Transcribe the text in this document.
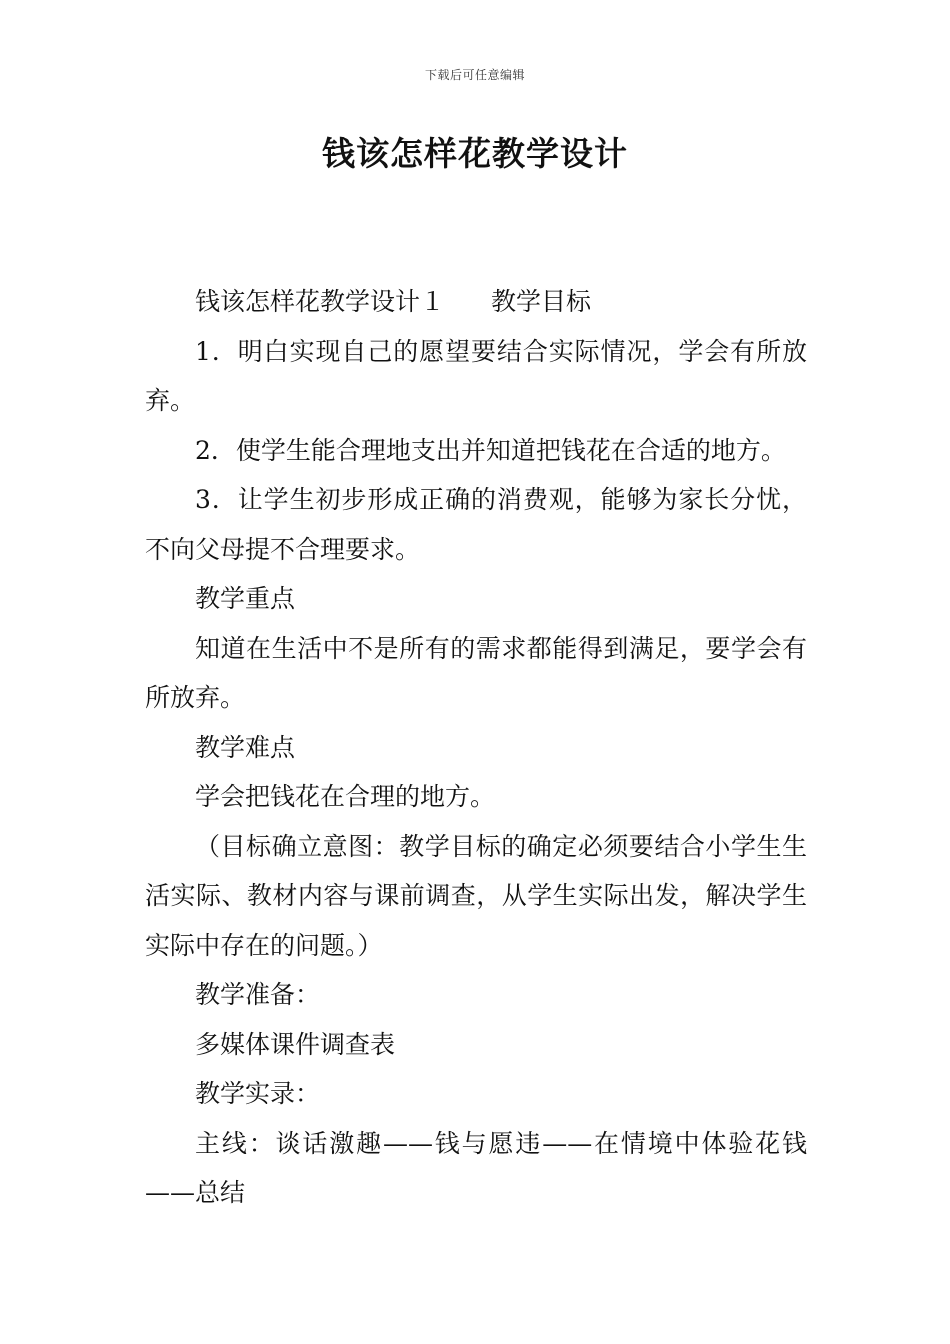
下载后可任意编辑
钱该怎样花教学设计

钱该怎样花教学设计１ 教学目标

1．明白实现自己的愿望要结合实际情况，学会有所放弃。

2．使学生能合理地支出并知道把钱花在合适的地方。

3．让学生初步形成正确的消费观，能够为家长分忧，不向父母提不合理要求。

教学重点

知道在生活中不是所有的需求都能得到满足，要学会有所放弃。

教学难点

学会把钱花在合理的地方。

（目标确立意图：教学目标的确定必须要结合小学生生活实际、教材内容与课前调查，从学生实际出发，解决学生实际中存在的问题。）

教学准备：

多媒体课件调查表

教学实录：

主线：谈话激趣——钱与愿违——在情境中体验花钱——总结
